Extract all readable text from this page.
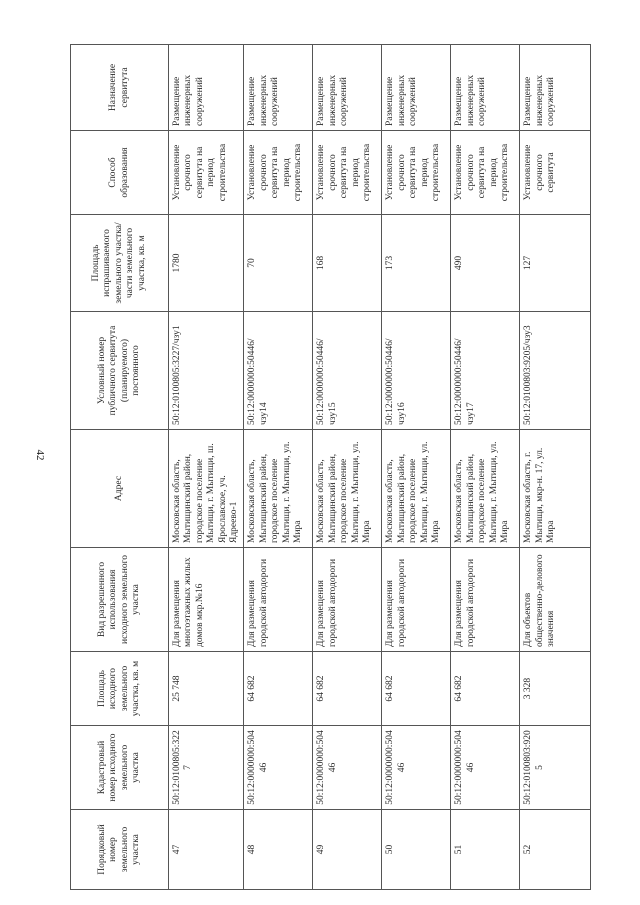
42
Порядковый номер земельного участка	Кадастровый номер исходного земельного участка	Площадь исходного земельного участка, кв. м	Вид разрешенного использования исходного земельного участка	Адрес	Условный номер публичного сервитута (планируемого) постоянного	Площадь испрашиваемого земельного участка/части земельного участка, кв. м	Способ образования	Назначение сервитута
47	50:12:0100805:3227	25 748	Для размещения многоэтажных жилых домов мкр.№16	Московская область, Мытищинский район, городское поселение Мытищи, г. Мытищи, ш. Ярославское, уч. Ядреево-1	50:12:0100805:3227/чзу1	1780	Установление срочного сервитута на период строительства	Размещение инженерных сооружений
48	50:12:0000000:50446	64 682	Для размещения городской автодороги	Московская область, Мытищинский район, городское поселение Мытищи, г. Мытищи, ул. Мира	50:12:0000000:50446/чзу14	70	Установление срочного сервитута на период строительства	Размещение инженерных сооружений
49	50:12:0000000:50446	64 682	Для размещения городской автодороги	Московская область, Мытищинский район, городское поселение Мытищи, г. Мытищи, ул. Мира	50:12:0000000:50446/чзу15	168	Установление срочного сервитута на период строительства	Размещение инженерных сооружений
50	50:12:0000000:50446	64 682	Для размещения городской автодороги	Московская область, Мытищинский район, городское поселение Мытищи, г. Мытищи, ул. Мира	50:12:0000000:50446/чзу16	173	Установление срочного сервитута на период строительства	Размещение инженерных сооружений
51	50:12:0000000:50446	64 682	Для размещения городской автодороги	Московская область, Мытищинский район, городское поселение Мытищи, г. Мытищи, ул. Мира	50:12:0000000:50446/чзу17	490	Установление срочного сервитута на период строительства	Размещение инженерных сооружений
52	50:12:0100803:9205	3 328	Для объектов общественно-делового значения	Московская область, г. Мытищи, мкр-н. 17, ул. Мира	50:12:0100803:9205/чзу3	127	Установление срочного сервитута	Размещение инженерных сооружений
